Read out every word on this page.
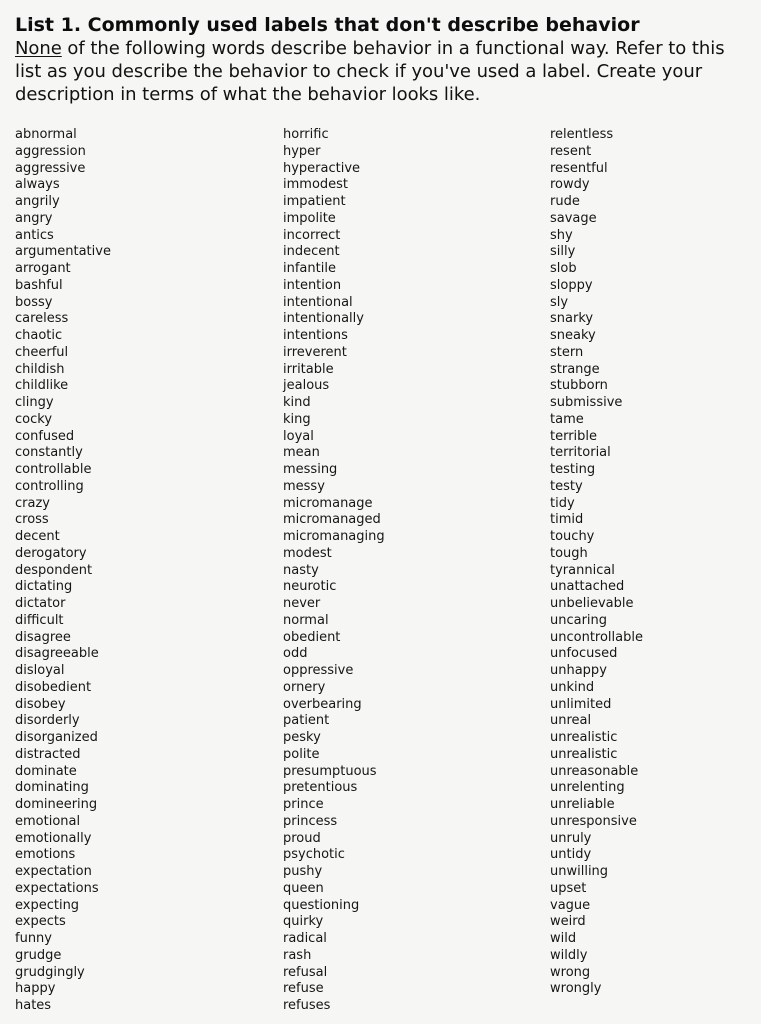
List 1. Commonly used labels that don't describe behavior

None of the following words describe behavior in a functional way. Refer to this list as you describe the behavior to check if you've used a label. Create your description in terms of what the behavior looks like.

abnormal
aggression
aggressive
always
angrily
angry
antics
argumentative
arrogant
bashful
bossy
careless
chaotic
cheerful
childish
childlike
clingy
cocky
confused
constantly
controllable
controlling
crazy
cross
decent
derogatory
despondent
dictating
dictator
difficult
disagree
disagreeable
disloyal
disobedient
disobey
disorderly
disorganized
distracted
dominate
dominating
domineering
emotional
emotionally
emotions
expectation
expectations
expecting
expects
funny
grudge
grudgingly
happy
hates
horrific
hyper
hyperactive
immodest
impatient
impolite
incorrect
indecent
infantile
intention
intentional
intentionally
intentions
irreverent
irritable
jealous
kind
king
loyal
mean
messing
messy
micromanage
micromanaged
micromanaging
modest
nasty
neurotic
never
normal
obedient
odd
oppressive
ornery
overbearing
patient
pesky
polite
presumptuous
pretentious
prince
princess
proud
psychotic
pushy
queen
questioning
quirky
radical
rash
refusal
refuse
refuses
relentless
resent
resentful
rowdy
rude
savage
shy
silly
slob
sloppy
sly
snarky
sneaky
stern
strange
stubborn
submissive
tame
terrible
territorial
testing
testy
tidy
timid
touchy
tough
tyrannical
unattached
unbelievable
uncaring
uncontrollable
unfocused
unhappy
unkind
unlimited
unreal
unrealistic
unrealistic
unreasonable
unrelenting
unreliable
unresponsive
unruly
untidy
unwilling
upset
vague
weird
wild
wildly
wrong
wrongly
